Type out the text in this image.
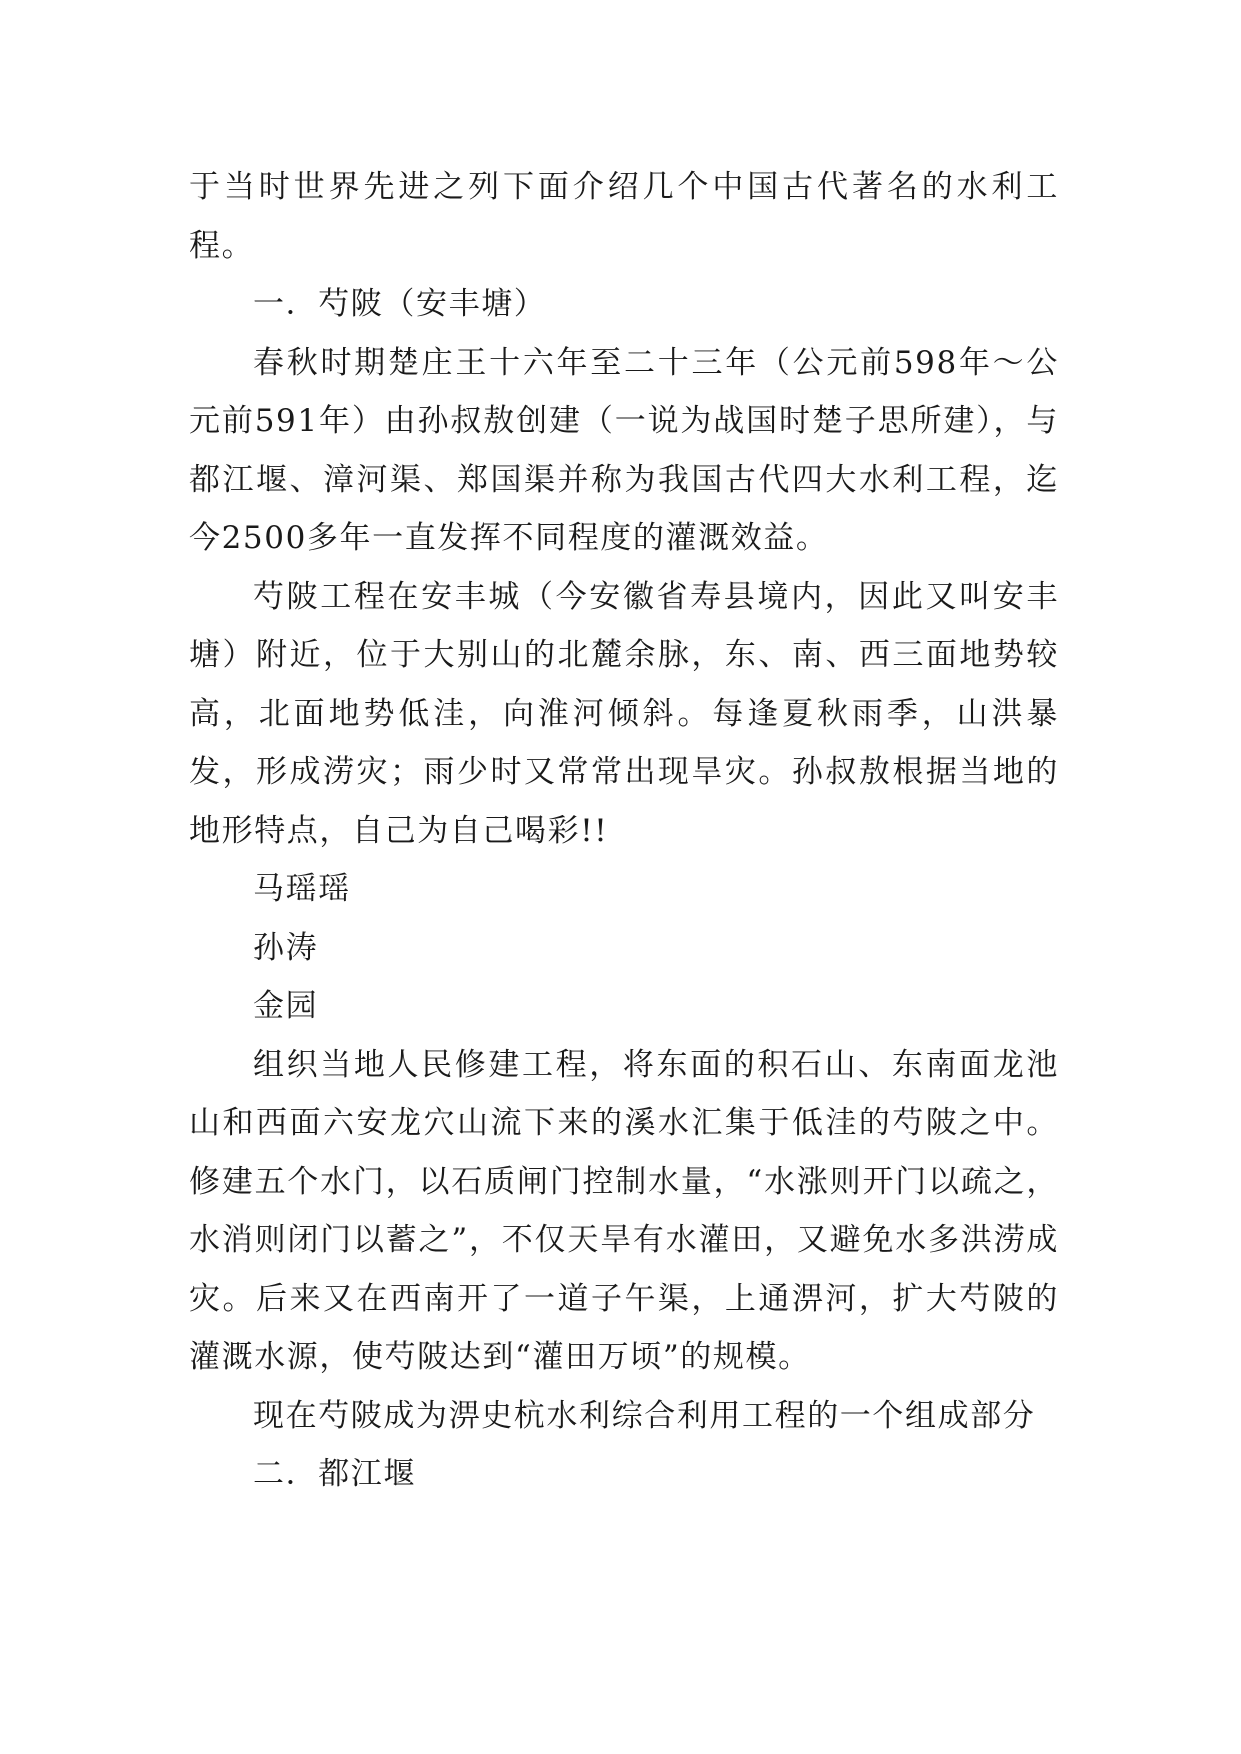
于当时世界先进之列下面介绍几个中国古代著名的水利工程。

一．芍陂（安丰塘）

春秋时期楚庄王十六年至二十三年（公元前598年～公元前591年）由孙叔敖创建（一说为战国时楚子思所建），与都江堰、漳河渠、郑国渠并称为我国古代四大水利工程，迄今2500多年一直发挥不同程度的灌溉效益。

芍陂工程在安丰城（今安徽省寿县境内，因此又叫安丰塘）附近，位于大别山的北麓余脉，东、南、西三面地势较高，北面地势低洼，向淮河倾斜。每逢夏秋雨季，山洪暴发，形成涝灾；雨少时又常常出现旱灾。孙叔敖根据当地的地形特点，自己为自己喝彩!!

马瑶瑶

孙涛

金园

组织当地人民修建工程，将东面的积石山、东南面龙池山和西面六安龙穴山流下来的溪水汇集于低洼的芍陂之中。修建五个水门，以石质闸门控制水量，“水涨则开门以疏之，水消则闭门以蓄之”，不仅天旱有水灌田，又避免水多洪涝成灾。后来又在西南开了一道子午渠，上通淠河，扩大芍陂的灌溉水源，使芍陂达到“灌田万顷”的规模。

现在芍陂成为淠史杭水利综合利用工程的一个组成部分

二．都江堰
